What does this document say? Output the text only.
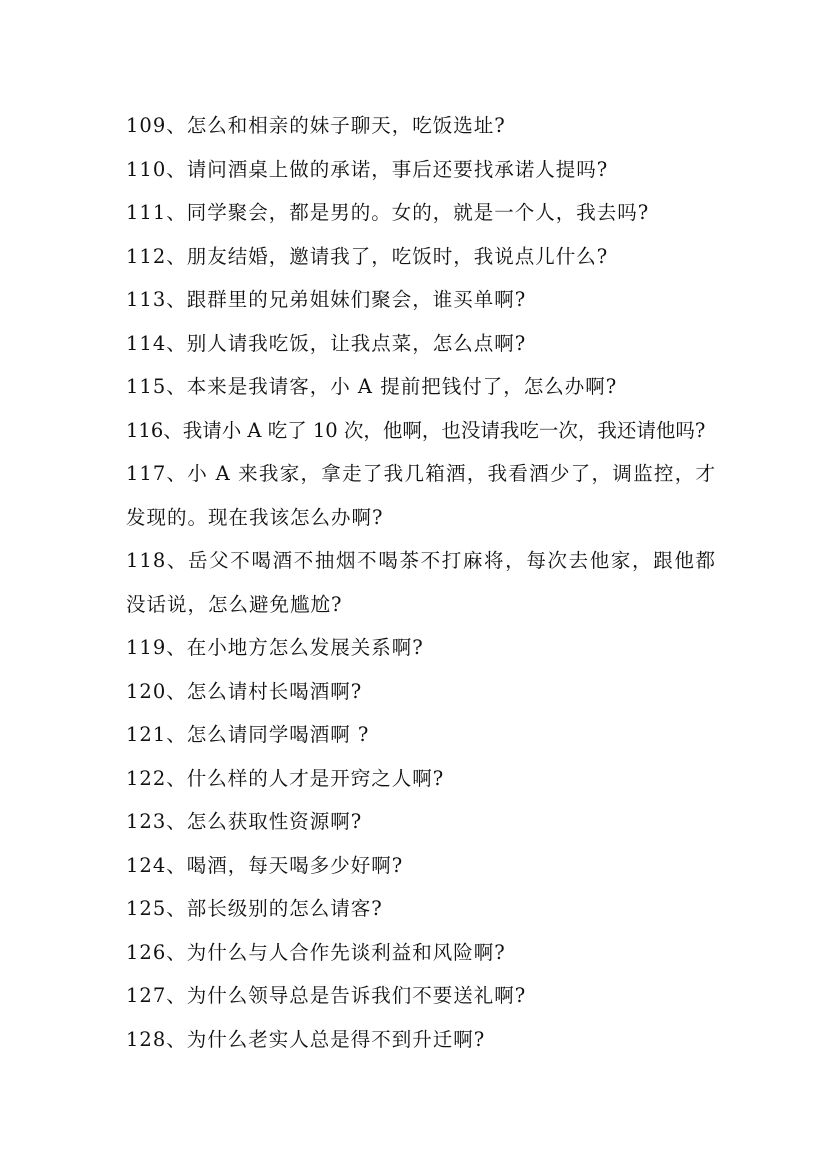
109、怎么和相亲的妹子聊天，吃饭选址?
110、请问酒桌上做的承诺，事后还要找承诺人提吗?
111、同学聚会，都是男的。女的，就是一个人，我去吗?
112、朋友结婚，邀请我了，吃饭时，我说点儿什么?
113、跟群里的兄弟姐妹们聚会，谁买单啊?
114、别人请我吃饭，让我点菜，怎么点啊?
115、本来是我请客，小 A 提前把钱付了，怎么办啊?
116、我请小 A 吃了 10 次，他啊，也没请我吃一次，我还请他吗?
117、小 A 来我家，拿走了我几箱酒，我看酒少了，调监控，才发现的。现在我该怎么办啊?
118、岳父不喝酒不抽烟不喝茶不打麻将，每次去他家，跟他都没话说，怎么避免尴尬?
119、在小地方怎么发展关系啊?
120、怎么请村长喝酒啊?
121、怎么请同学喝酒啊 ?
122、什么样的人才是开窍之人啊?
123、怎么获取性资源啊?
124、喝酒，每天喝多少好啊?
125、部长级别的怎么请客?
126、为什么与人合作先谈利益和风险啊?
127、为什么领导总是告诉我们不要送礼啊?
128、为什么老实人总是得不到升迁啊?
